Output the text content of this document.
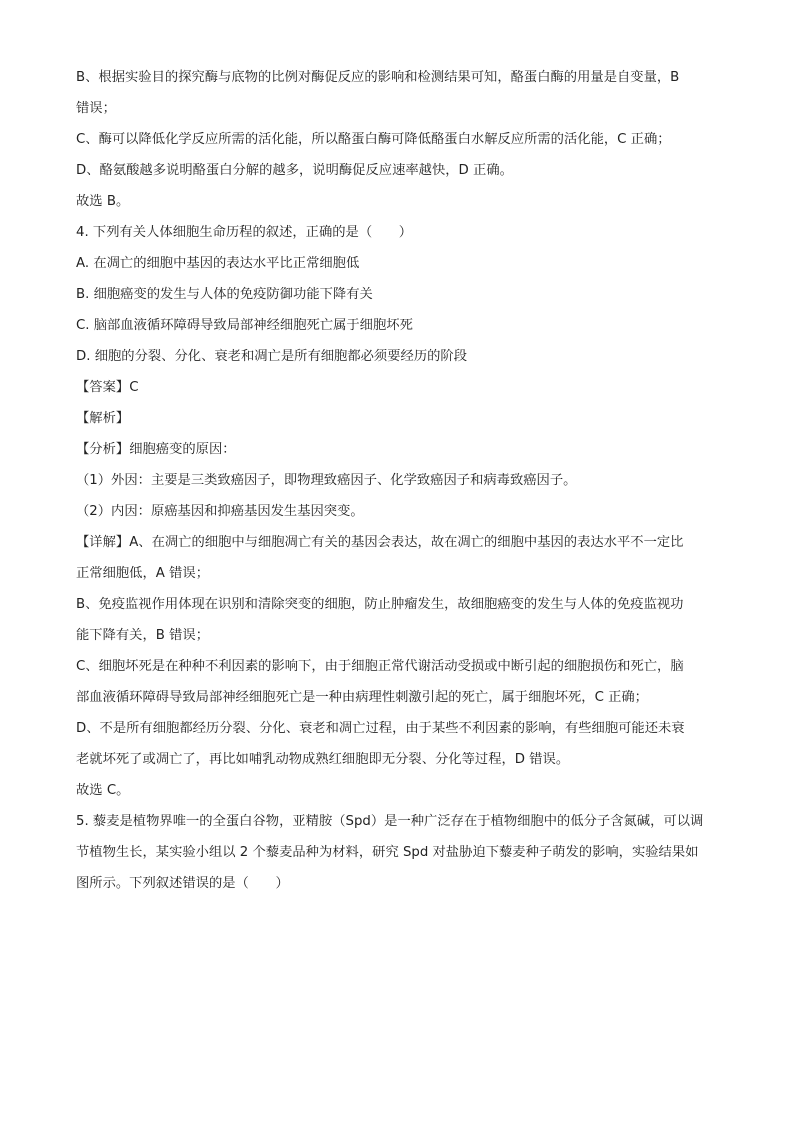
B、根据实验目的探究酶与底物的比例对酶促反应的影响和检测结果可知，酪蛋白酶的用量是自变量，B

错误；

C、酶可以降低化学反应所需的活化能，所以酪蛋白酶可降低酪蛋白水解反应所需的活化能，C 正确；

D、酪氨酸越多说明酪蛋白分解的越多，说明酶促反应速率越快，D 正确。

故选 B。

4. 下列有关人体细胞生命历程的叙述，正确的是（　　）

A. 在凋亡的细胞中基因的表达水平比正常细胞低

B. 细胞癌变的发生与人体的免疫防御功能下降有关

C. 脑部血液循环障碍导致局部神经细胞死亡属于细胞坏死

D. 细胞的分裂、分化、衰老和凋亡是所有细胞都必须要经历的阶段

【答案】C

【解析】

【分析】细胞癌变的原因：

（1）外因：主要是三类致癌因子，即物理致癌因子、化学致癌因子和病毒致癌因子。

（2）内因：原癌基因和抑癌基因发生基因突变。

【详解】A、在凋亡的细胞中与细胞凋亡有关的基因会表达，故在凋亡的细胞中基因的表达水平不一定比

正常细胞低，A 错误；

B、免疫监视作用体现在识别和清除突变的细胞，防止肿瘤发生，故细胞癌变的发生与人体的免疫监视功

能下降有关，B 错误；

C、细胞坏死是在种种不利因素的影响下，由于细胞正常代谢活动受损或中断引起的细胞损伤和死亡，脑

部血液循环障碍导致局部神经细胞死亡是一种由病理性刺激引起的死亡，属于细胞坏死，C 正确；

D、不是所有细胞都经历分裂、分化、衰老和凋亡过程，由于某些不利因素的影响，有些细胞可能还未衰

老就坏死了或凋亡了，再比如哺乳动物成熟红细胞即无分裂、分化等过程，D 错误。

故选 C。

5. 藜麦是植物界唯一的全蛋白谷物，亚精胺（Spd）是一种广泛存在于植物细胞中的低分子含氮碱，可以调

节植物生长，某实验小组以 2 个藜麦品种为材料，研究 Spd 对盐胁迫下藜麦种子萌发的影响，实验结果如

图所示。下列叙述错误的是（　　）
